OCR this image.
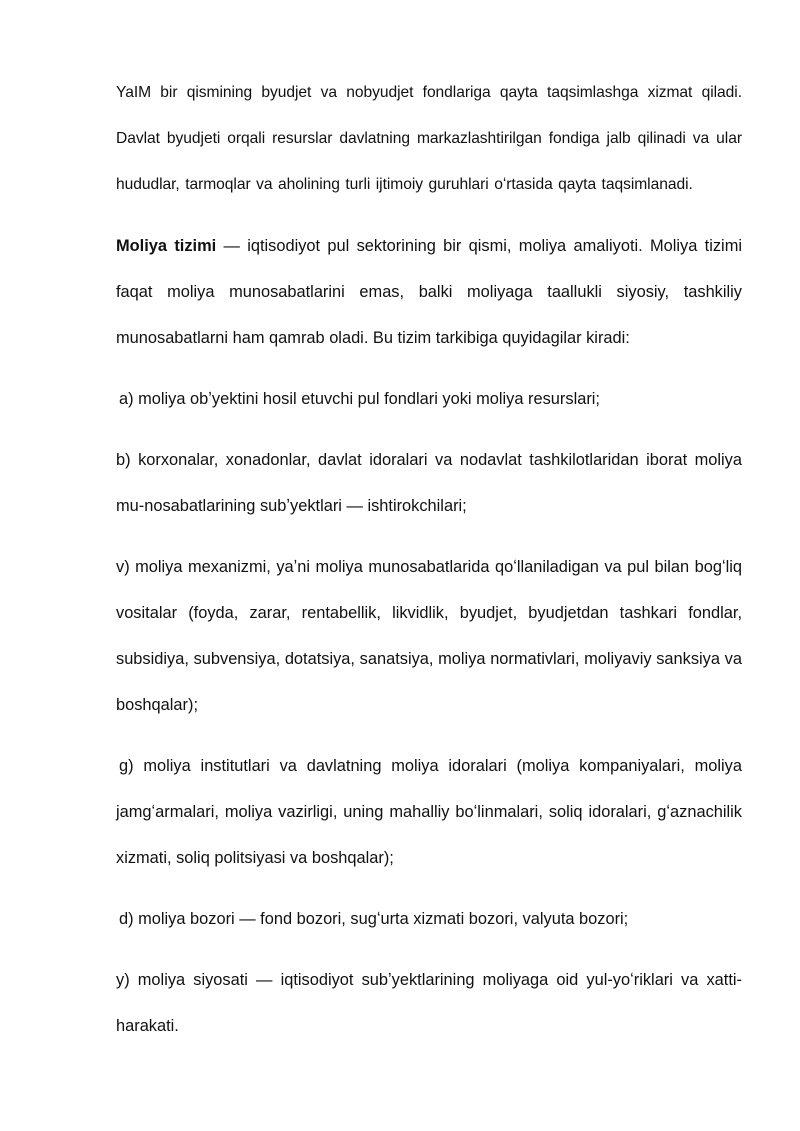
YaIM bir qismining byudjet va nobyudjet fondlariga qayta taqsimlashga xizmat qiladi. Davlat byudjeti orqali resurslar davlatning markazlashtirilgan fondiga jalb qilinadi va ular hududlar, tarmoqlar va aholining turli ijtimoiy guruhlari oʻrtasida qayta taqsimlanadi.

Moliya tizimi — iqtisodiyot pul sektorining bir qismi, moliya amaliyoti. Moliya tizimi faqat moliya munosabatlarini emas, balki moliyaga taallukli siyosiy, tashkiliy munosabatlarni ham qamrab oladi. Bu tizim tarkibiga quyidagilar kiradi:

a) moliya obʼyektini hosil etuvchi pul fondlari yoki moliya resurslari;

b) korxonalar, xonadonlar, davlat idoralari va nodavlat tashkilotlaridan iborat moliya mu-nosabatlarining subʼyektlari — ishtirokchilari;

v) moliya mexanizmi, yaʼni moliya munosabatlarida qoʻllaniladigan va pul bilan bogʻliq vositalar (foyda, zarar, rentabellik, likvidlik, byudjet, byudjetdan tashkari fondlar, subsidiya, subvensiya, dotatsiya, sanatsiya, moliya normativlari, moliyaviy sanksiya va boshqalar);

g) moliya institutlari va davlatning moliya idoralari (moliya kompaniyalari, moliya jamgʻarmalari, moliya vazirligi, uning mahalliy boʻlinmalari, soliq idoralari, gʻaznachilik xizmati, soliq politsiyasi va boshqalar);

d) moliya bozori — fond bozori, sugʻurta xizmati bozori, valyuta bozori;

y) moliya siyosati — iqtisodiyot subʼyektlarining moliyaga oid yul-yoʻriklari va xatti-harakati.
